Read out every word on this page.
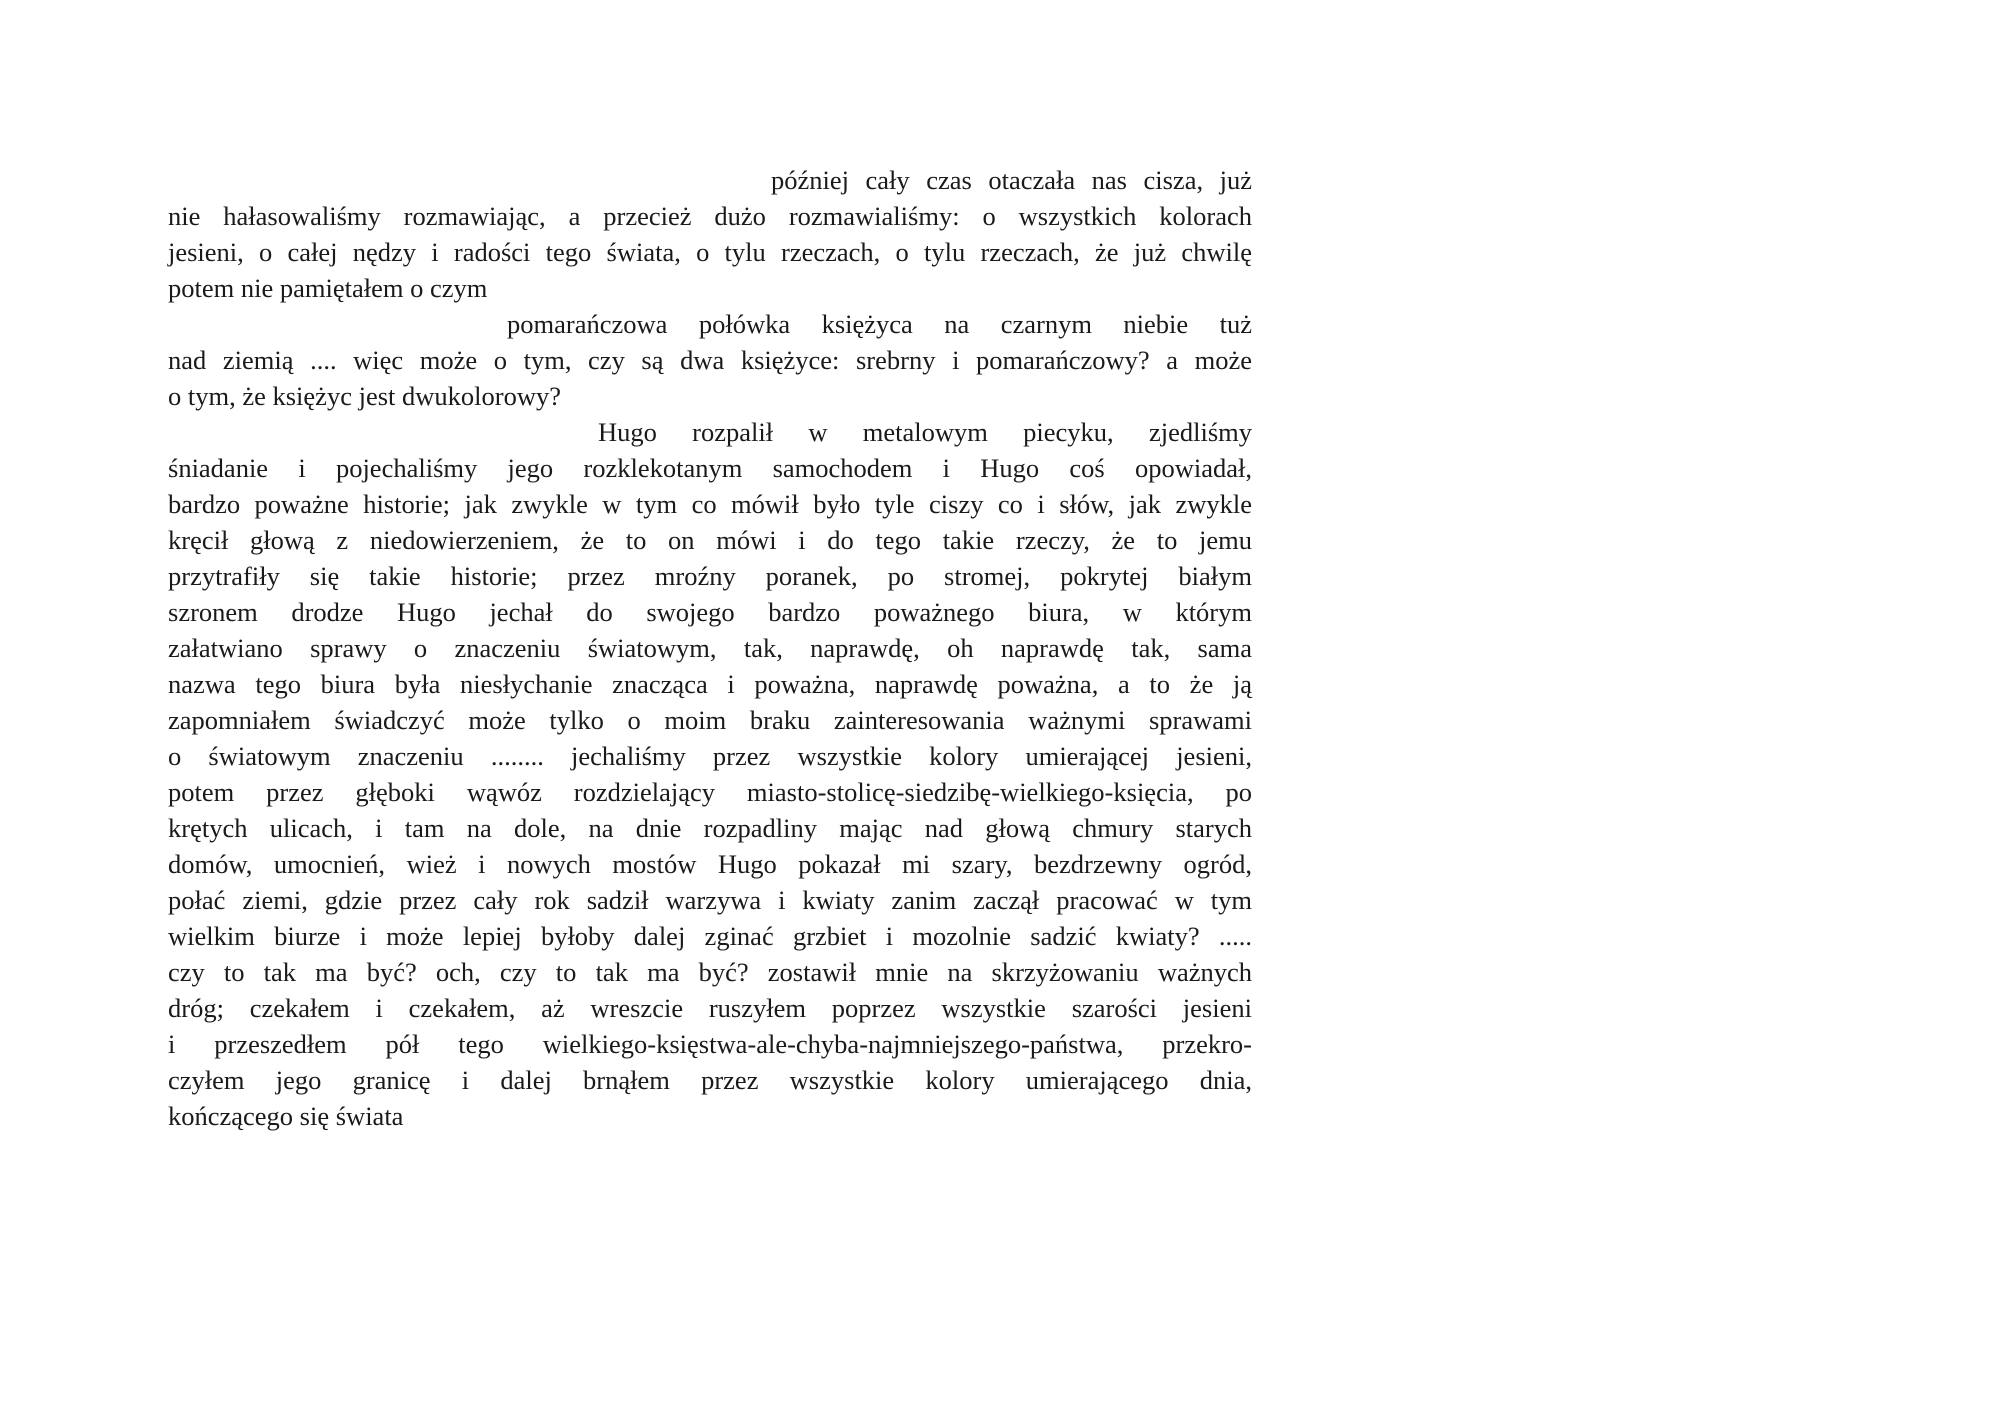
później cały czas otaczała nas cisza, już
nie hałasowaliśmy rozmawiając, a przecież dużo rozmawialiśmy: o wszystkich kolorach
jesieni, o całej nędzy i radości tego świata, o tylu rzeczach, o tylu rzeczach, że już chwilę
potem nie pamiętałem o czym
pomarańczowa połówka księżyca na czarnym niebie tuż
nad ziemią .... więc może o tym, czy są dwa księżyce: srebrny i pomarańczowy? a może
o tym, że księżyc jest dwukolorowy?
Hugo rozpalił w metalowym piecyku, zjedliśmy
śniadanie i pojechaliśmy jego rozklekotanym samochodem i Hugo coś opowiadał,
bardzo poważne historie; jak zwykle w tym co mówił było tyle ciszy co i słów, jak zwykle
kręcił głową z niedowierzeniem, że to on mówi i do tego takie rzeczy, że to jemu
przytrafiły się takie historie; przez mroźny poranek, po stromej, pokrytej białym
szronem drodze Hugo jechał do swojego bardzo poważnego biura, w którym
załatwiano sprawy o znaczeniu światowym, tak, naprawdę, oh naprawdę tak, sama
nazwa tego biura była niesłychanie znacząca i poważna, naprawdę poważna, a to że ją
zapomniałem świadczyć może tylko o moim braku zainteresowania ważnymi sprawami
o światowym znaczeniu ........ jechaliśmy przez wszystkie kolory umierającej jesieni,
potem przez głęboki wąwóz rozdzielający miasto-stolicę-siedzibę-wielkiego-księcia, po
krętych ulicach, i tam na dole, na dnie rozpadliny mając nad głową chmury starych
domów, umocnień, wież i nowych mostów Hugo pokazał mi szary, bezdrzewny ogród,
połać ziemi, gdzie przez cały rok sadził warzywa i kwiaty zanim zaczął pracować w tym
wielkim biurze i może lepiej byłoby dalej zginać grzbiet i mozolnie sadzić kwiaty? .....
czy to tak ma być? och, czy to tak ma być? zostawił mnie na skrzyżowaniu ważnych
dróg; czekałem i czekałem, aż wreszcie ruszyłem poprzez wszystkie szarości jesieni
i przeszedłem pół tego wielkiego-księstwa-ale-chyba-najmniejszego-państwa, przekro-
czyłem jego granicę i dalej brnąłem przez wszystkie kolory umierającego dnia,
kończącego się świata
